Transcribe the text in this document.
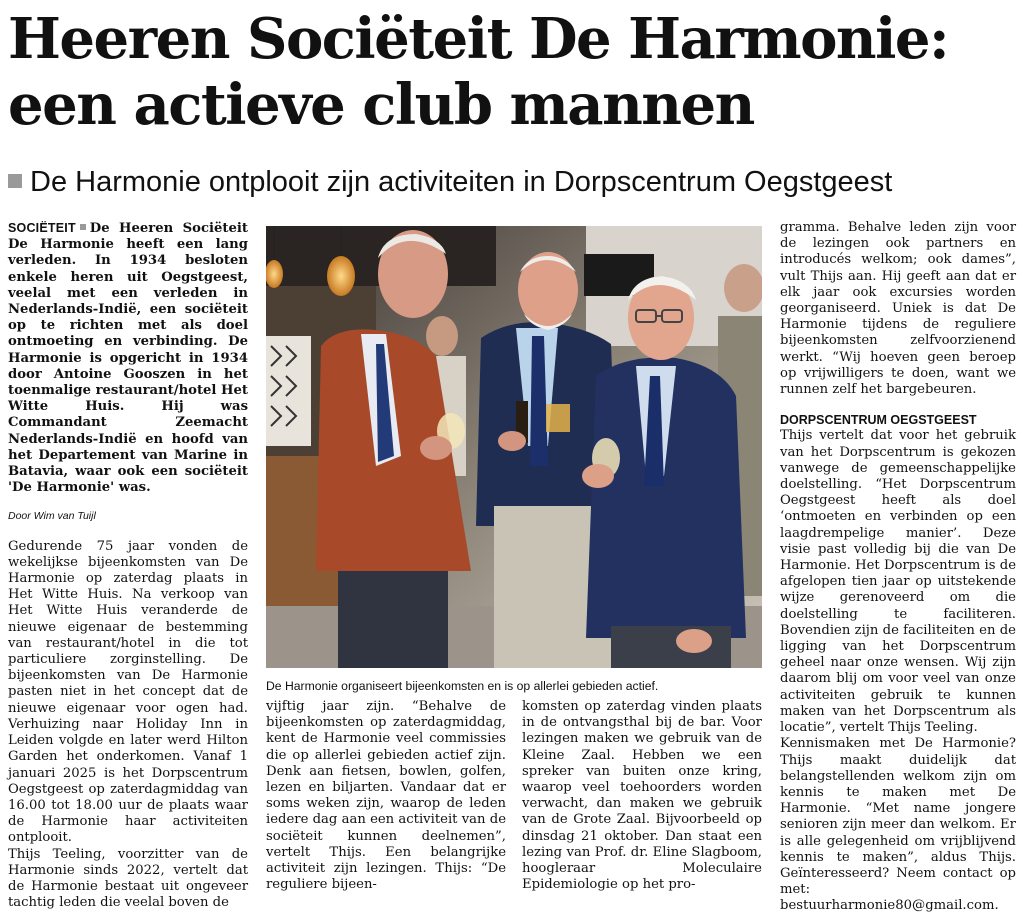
Heeren Sociëteit De Harmonie:
een actieve club mannen
De Harmonie ontplooit zijn activiteiten in Dorpscentrum Oegstgeest

SOCIËTEIT De Heeren Sociëteit De Harmonie heeft een lang verleden. In 1934 besloten enkele heren uit Oegstgeest, veelal met een verleden in Nederlands-Indië, een sociëteit op te richten met als doel ontmoeting en verbinding. De Harmonie is opgericht in 1934 door Antoine Gooszen in het toenmalige restaurant/hotel Het Witte Huis. Hij was Commandant Zeemacht Nederlands-Indië en hoofd van het Departement van Marine in Batavia, waar ook een sociëteit 'De Harmonie' was.

Door Wim van Tuijl

Gedurende 75 jaar vonden de wekelijkse bijeenkomsten van De Harmonie op zaterdag plaats in Het Witte Huis. Na verkoop van Het Witte Huis veranderde de nieuwe eigenaar de bestemming van restaurant/hotel in die tot particuliere zorginstelling. De bijeenkomsten van De Harmonie pasten niet in het concept dat de nieuwe eigenaar voor ogen had. Verhuizing naar Holiday Inn in Leiden volgde en later werd Hilton Garden het onderkomen. Vanaf 1 januari 2025 is het Dorpscentrum Oegstgeest op zaterdagmiddag van 16.00 tot 18.00 uur de plaats waar de Harmonie haar activiteiten ontplooit.

Thijs Teeling, voorzitter van de Harmonie sinds 2022, vertelt dat de Harmonie bestaat uit ongeveer tachtig leden die veelal boven de

De Harmonie organiseert bijeenkomsten en is op allerlei gebieden actief.

vijftig jaar zijn. “Behalve de bijeenkomsten op zaterdagmiddag, kent de Harmonie veel commissies die op allerlei gebieden actief zijn. Denk aan fietsen, bowlen, golfen, lezen en biljarten. Vandaar dat er soms weken zijn, waarop de leden iedere dag aan een activiteit van de sociëteit kunnen deelnemen”, vertelt Thijs. Een belangrijke activiteit zijn lezingen. Thijs: “De reguliere bijeen-

komsten op zaterdag vinden plaats in de ontvangsthal bij de bar. Voor lezingen maken we gebruik van de Kleine Zaal. Hebben we een spreker van buiten onze kring, waarop veel toehoorders worden verwacht, dan maken we gebruik van de Grote Zaal. Bijvoorbeeld op dinsdag 21 oktober. Dan staat een lezing van Prof. dr. Eline Slagboom, hoogleraar Moleculaire Epidemiologie op het pro-

gramma. Behalve leden zijn voor de lezingen ook partners en introducés welkom; ook dames”, vult Thijs aan. Hij geeft aan dat er elk jaar ook excursies worden georganiseerd. Uniek is dat De Harmonie tijdens de reguliere bijeenkomsten zelfvoorzienend werkt. “Wij hoeven geen beroep op vrijwilligers te doen, want we runnen zelf het bargebeuren.

DORPSCENTRUM OEGSTGEEST

Thijs vertelt dat voor het gebruik van het Dorpscentrum is gekozen vanwege de gemeenschappelijke doelstelling. “Het Dorpscentrum Oegstgeest heeft als doel ‘ontmoeten en verbinden op een laagdrempelige manier’. Deze visie past volledig bij die van De Harmonie. Het Dorpscentrum is de afgelopen tien jaar op uitstekende wijze gerenoveerd om die doelstelling te faciliteren. Bovendien zijn de faciliteiten en de ligging van het Dorpscentrum geheel naar onze wensen. Wij zijn daarom blij om voor veel van onze activiteiten gebruik te kunnen maken van het Dorpscentrum als locatie”, vertelt Thijs Teeling.

Kennismaken met De Harmonie? Thijs maakt duidelijk dat belangstellenden welkom zijn om kennis te maken met De Harmonie. “Met name jongere senioren zijn meer dan welkom. Er is alle gelegenheid om vrijblijvend kennis te maken”, aldus Thijs. Geïnteresseerd? Neem contact op met: bestuurharmonie80@gmail.com.
